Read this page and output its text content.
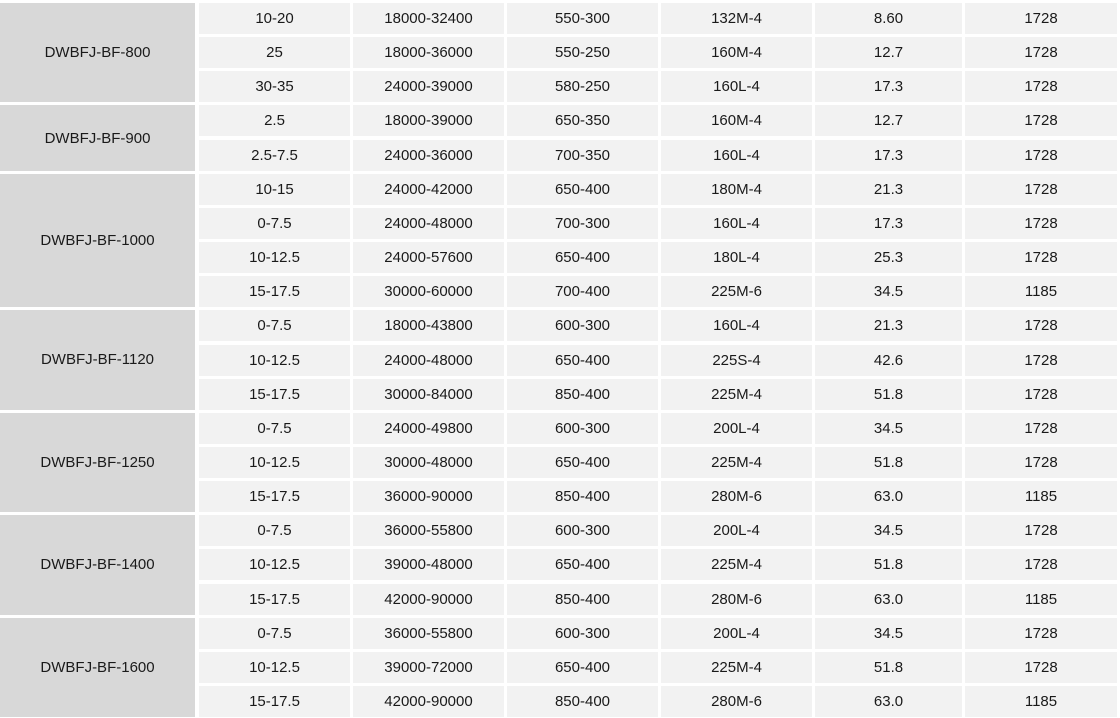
DWBFJ-BF-800
10-20	18000-32400	550-300	132M-4	8.60	1728
25	18000-36000	550-250	160M-4	12.7	1728
30-35	24000-39000	580-250	160L-4	17.3	1728
DWBFJ-BF-900
2.5	18000-39000	650-350	160M-4	12.7	1728
2.5-7.5	24000-36000	700-350	160L-4	17.3	1728
DWBFJ-BF-1000
10-15	24000-42000	650-400	180M-4	21.3	1728
0-7.5	24000-48000	700-300	160L-4	17.3	1728
10-12.5	24000-57600	650-400	180L-4	25.3	1728
15-17.5	30000-60000	700-400	225M-6	34.5	1185
DWBFJ-BF-1120
0-7.5	18000-43800	600-300	160L-4	21.3	1728
10-12.5	24000-48000	650-400	225S-4	42.6	1728
15-17.5	30000-84000	850-400	225M-4	51.8	1728
DWBFJ-BF-1250
0-7.5	24000-49800	600-300	200L-4	34.5	1728
10-12.5	30000-48000	650-400	225M-4	51.8	1728
15-17.5	36000-90000	850-400	280M-6	63.0	1185
DWBFJ-BF-1400
0-7.5	36000-55800	600-300	200L-4	34.5	1728
10-12.5	39000-48000	650-400	225M-4	51.8	1728
15-17.5	42000-90000	850-400	280M-6	63.0	1185
DWBFJ-BF-1600
0-7.5	36000-55800	600-300	200L-4	34.5	1728
10-12.5	39000-72000	650-400	225M-4	51.8	1728
15-17.5	42000-90000	850-400	280M-6	63.0	1185
